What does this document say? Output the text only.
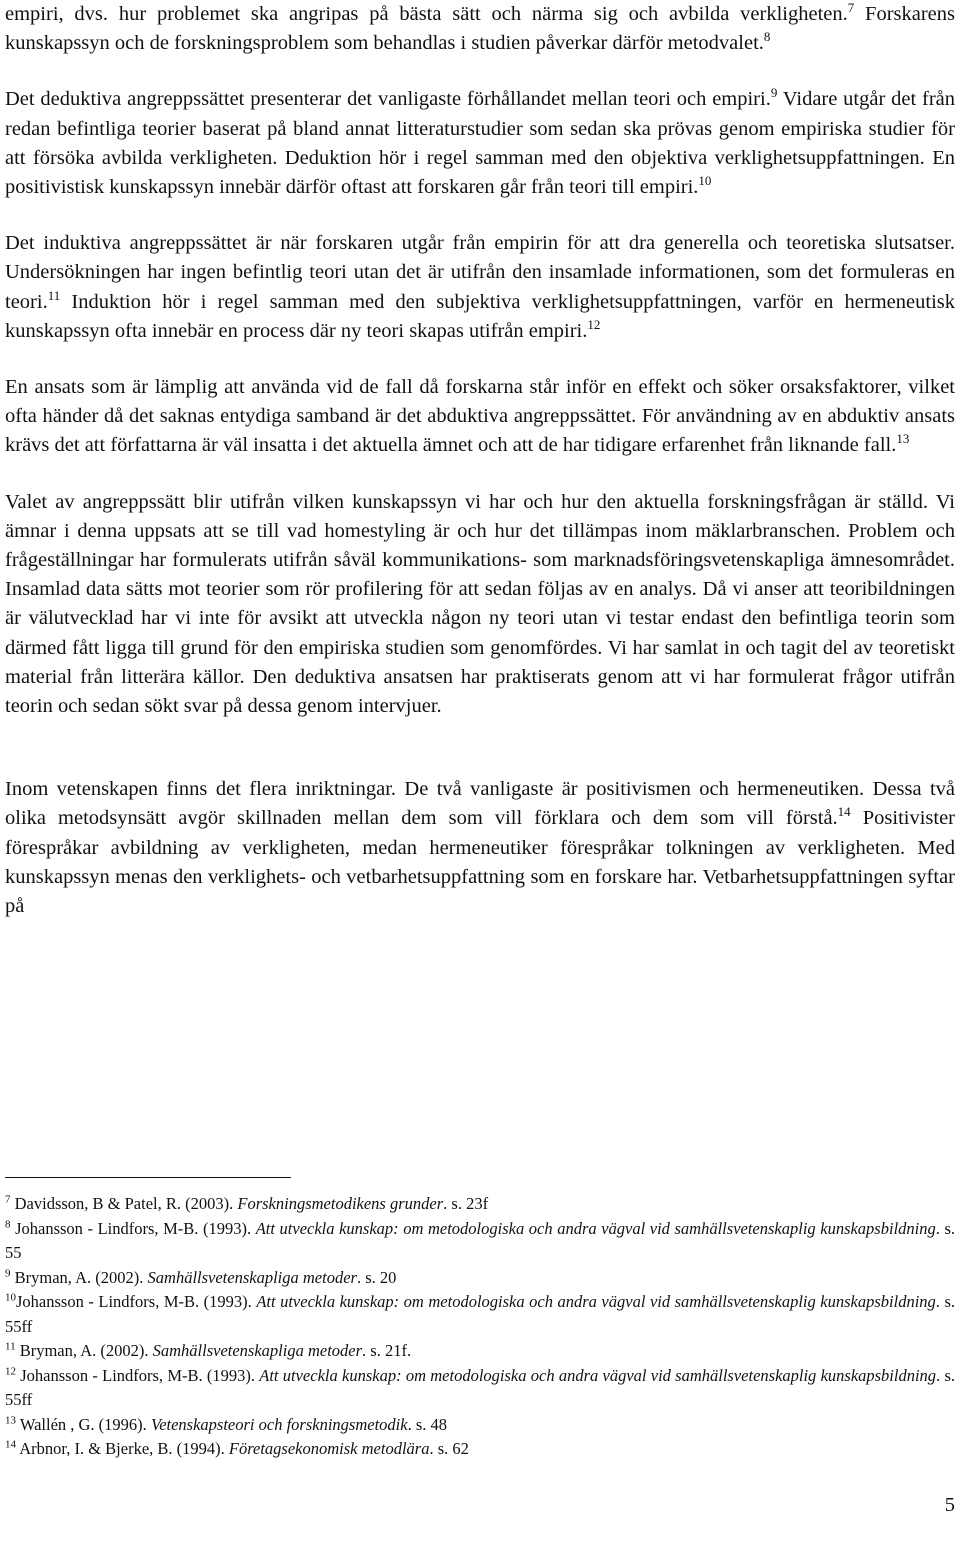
empiri, dvs. hur problemet ska angripas på bästa sätt och närma sig och avbilda verkligheten.$^7$ Forskarens kunskapssyn och de forskningsproblem som behandlas i studien påverkar därför metodvalet.$^8$

Det deduktiva angreppssättet presenterar det vanligaste förhållandet mellan teori och empiri.$^9$ Vidare utgår det från redan befintliga teorier baserat på bland annat litteraturstudier som sedan ska prövas genom empiriska studier för att försöka avbilda verkligheten. Deduktion hör i regel samman med den objektiva verklighetsuppfattningen. En positivistisk kunskapssyn innebär därför oftast att forskaren går från teori till empiri.$^{10}$

Det induktiva angreppssättet är när forskaren utgår från empirin för att dra generella och teoretiska slutsatser. Undersökningen har ingen befintlig teori utan det är utifrån den insamlade informationen, som det formuleras en teori.$^{11}$ Induktion hör i regel samman med den subjektiva verklighetsuppfattningen, varför en hermeneutisk kunskapssyn ofta innebär en process där ny teori skapas utifrån empiri.$^{12}$

En ansats som är lämplig att använda vid de fall då forskarna står inför en effekt och söker orsaksfaktorer, vilket ofta händer då det saknas entydiga samband är det abduktiva angreppssättet. För användning av en abduktiv ansats krävs det att författarna är väl insatta i det aktuella ämnet och att de har tidigare erfarenhet från liknande fall.$^{13}$

Valet av angreppssätt blir utifrån vilken kunskapssyn vi har och hur den aktuella forskningsfrågan är ställd. Vi ämnar i denna uppsats att se till vad homestyling är och hur det tillämpas inom mäklarbranschen. Problem och frågeställningar har formulerats utifrån såväl kommunikations- som marknadsföringsvetenskapliga ämnesområdet. Insamlad data sätts mot teorier som rör profilering för att sedan följas av en analys. Då vi anser att teoribildningen är välutvecklad har vi inte för avsikt att utveckla någon ny teori utan vi testar endast den befintliga teorin som därmed fått ligga till grund för den empiriska studien som genomfördes. Vi har samlat in och tagit del av teoretiskt material från litterära källor. Den deduktiva ansatsen har praktiserats genom att vi har formulerat frågor utifrån teorin och sedan sökt svar på dessa genom intervjuer.

Inom vetenskapen finns det flera inriktningar. De två vanligaste är positivismen och hermeneutiken. Dessa två olika metodsynsätt avgör skillnaden mellan dem som vill förklara och dem som vill förstå.$^{14}$ Positivister förespråkar avbildning av verkligheten, medan hermeneutiker förespråkar tolkningen av verkligheten. Med kunskapssyn menas den verklighets- och vetbarhetsuppfattning som en forskare har. Vetbarhetsuppfattningen syftar på

$^7$ Davidsson, B & Patel, R. (2003). Forskningsmetodikens grunder. s. 23f

$^8$ Johansson - Lindfors, M-B. (1993). Att utveckla kunskap: om metodologiska och andra vägval vid samhällsvetenskaplig kunskapsbildning. s. 55

$^9$ Bryman, A. (2002). Samhällsvetenskapliga metoder. s. 20

$^{10}$Johansson - Lindfors, M-B. (1993). Att utveckla kunskap: om metodologiska och andra vägval vid samhällsvetenskaplig kunskapsbildning. s. 55ff

$^{11}$ Bryman, A. (2002). Samhällsvetenskapliga metoder. s. 21f.

$^{12}$ Johansson - Lindfors, M-B. (1993). Att utveckla kunskap: om metodologiska och andra vägval vid samhällsvetenskaplig kunskapsbildning. s. 55ff

$^{13}$ Wallén , G. (1996). Vetenskapsteori och forskningsmetodik. s. 48

$^{14}$ Arbnor, I. & Bjerke, B. (1994). Företagsekonomisk metodlära. s. 62

5
